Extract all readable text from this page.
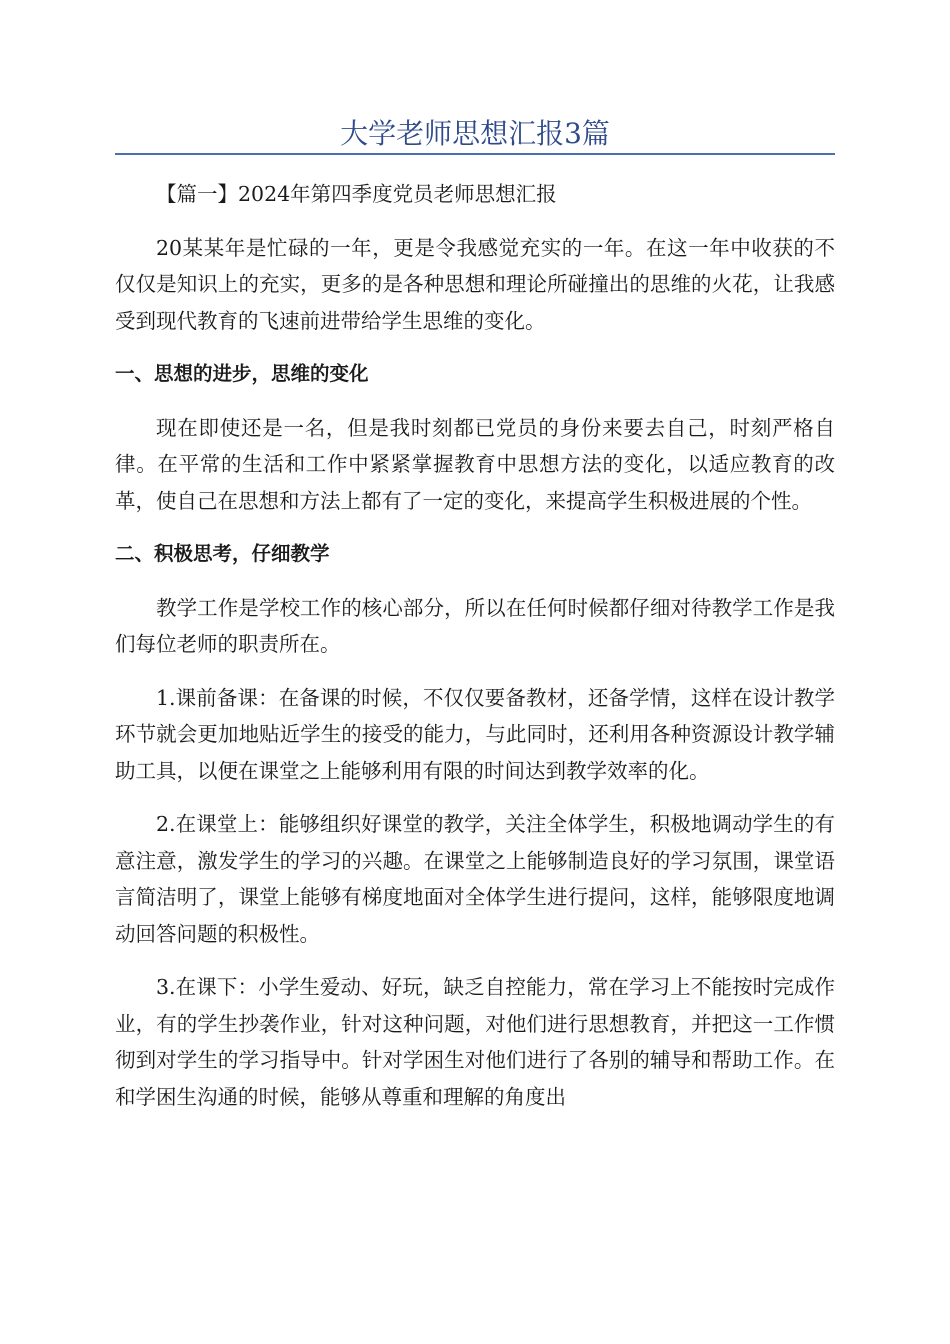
大学老师思想汇报3篇

【篇一】2024年第四季度党员老师思想汇报

20某某年是忙碌的一年，更是令我感觉充实的一年。在这一年中收获的不仅仅是知识上的充实，更多的是各种思想和理论所碰撞出的思维的火花，让我感受到现代教育的飞速前进带给学生思维的变化。

一、思想的进步，思维的变化

现在即使还是一名，但是我时刻都已党员的身份来要去自己，时刻严格自律。在平常的生活和工作中紧紧掌握教育中思想方法的变化，以适应教育的改革，使自己在思想和方法上都有了一定的变化，来提高学生积极进展的个性。

二、积极思考，仔细教学

教学工作是学校工作的核心部分，所以在任何时候都仔细对待教学工作是我们每位老师的职责所在。

1.课前备课：在备课的时候，不仅仅要备教材，还备学情，这样在设计教学环节就会更加地贴近学生的接受的能力，与此同时，还利用各种资源设计教学辅助工具，以便在课堂之上能够利用有限的时间达到教学效率的化。

2.在课堂上：能够组织好课堂的教学，关注全体学生，积极地调动学生的有意注意，激发学生的学习的兴趣。在课堂之上能够制造良好的学习氛围，课堂语言简洁明了，课堂上能够有梯度地面对全体学生进行提问，这样，能够限度地调动回答问题的积极性。

3.在课下：小学生爱动、好玩，缺乏自控能力，常在学习上不能按时完成作业，有的学生抄袭作业，针对这种问题，对他们进行思想教育，并把这一工作惯彻到对学生的学习指导中。针对学困生对他们进行了各别的辅导和帮助工作。在和学困生沟通的时候，能够从尊重和理解的角度出
